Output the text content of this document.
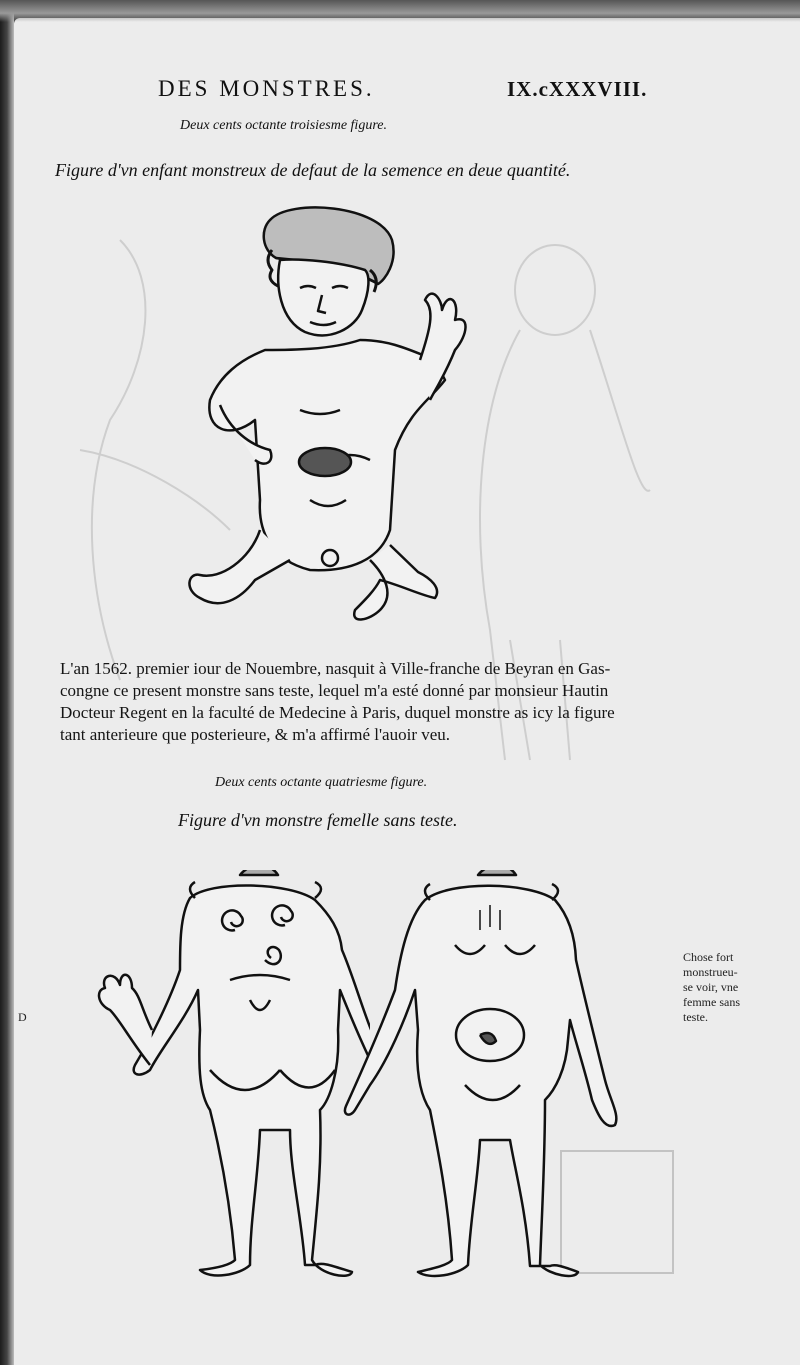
DES MONSTRES.	IX.cXXXVIII.
Deux cents octante troisiesme figure.
Figure d'vn enfant monstreux de defaut de la semence en deue quantité.
L'an 1562. premier iour de Nouembre, nasquit à Ville-franche de Beyran en Gas-
congne ce present monstre sans teste, lequel m'a esté donné par monsieur Hautin
Docteur Regent en la faculté de Medecine à Paris, duquel monstre as icy la figure
tant anterieure que posterieure, & m'a affirmé l'auoir veu.
Deux cents octante quatriesme figure.
Figure d'vn monstre femelle sans teste.
Chose fort
monstrueu-
se voir, vne
femme sans
teste.
D
